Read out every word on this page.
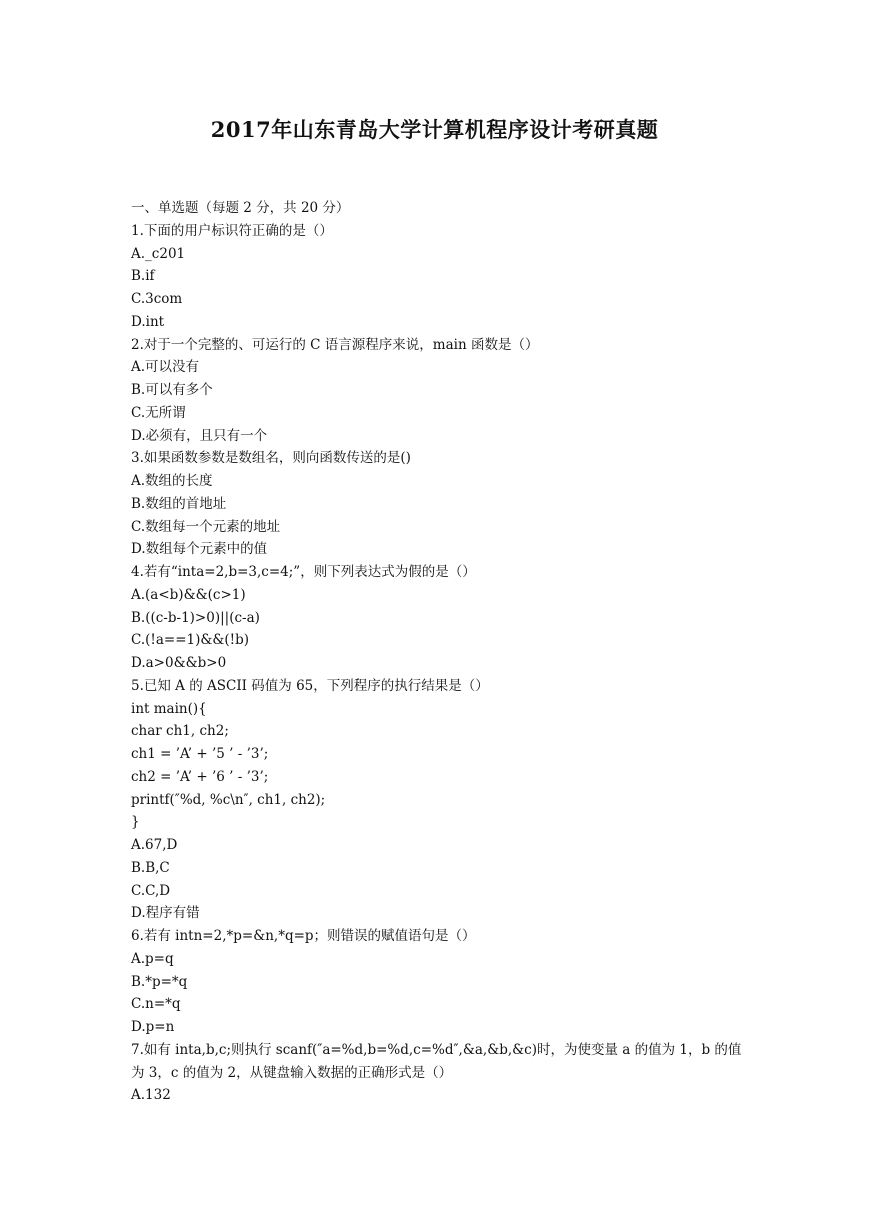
2017年山东青岛大学计算机程序设计考研真题
一、单选题（每题 2 分，共 20 分）
1.下面的用户标识符正确的是（）
A._c201
B.if
C.3com
D.int
2.对于一个完整的、可运行的 C 语言源程序来说，main 函数是（）
A.可以没有
B.可以有多个
C.无所谓
D.必须有，且只有一个
3.如果函数参数是数组名，则向函数传送的是()
A.数组的长度
B.数组的首地址
C.数组每一个元素的地址
D.数组每个元素中的值
4.若有“inta=2,b=3,c=4;”，则下列表达式为假的是（）
A.(a<b)&&(c>1)
B.((c-b-1)>0)||(c-a)
C.(!a==1)&&(!b)
D.a>0&&b>0
5.已知 A 的 ASCII 码值为 65，下列程序的执行结果是（）
int main(){
char ch1, ch2;
ch1 = ’A’ + ’5 ’ - ’3’;
ch2 = ’A’ + ’6 ’ - ’3’;
printf(″%d, %c\n″, ch1, ch2);
}
A.67,D
B.B,C
C.C,D
D.程序有错
6.若有 intn=2,*p=&n,*q=p；则错误的赋值语句是（）
A.p=q
B.*p=*q
C.n=*q
D.p=n
7.如有 inta,b,c;则执行 scanf(″a=%d,b=%d,c=%d″,&a,&b,&c)时，为使变量 a 的值为 1，b 的值为 3，c 的值为 2，从键盘输入数据的正确形式是（）
A.132
